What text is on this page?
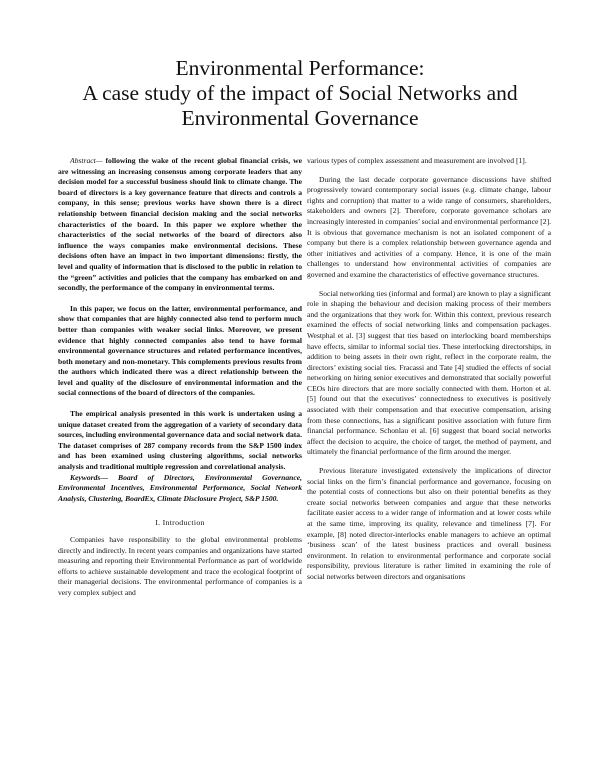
Environmental Performance:
A case study of the impact of Social Networks and
Environmental Governance

Abstract— following the wake of the recent global financial crisis, we are witnessing an increasing consensus among corporate leaders that any decision model for a successful business should link to climate change. The board of directors is a key governance feature that directs and controls a company, in this sense; previous works have shown there is a direct relationship between financial decision making and the social networks characteristics of the board. In this paper we explore whether the characteristics of the social networks of the board of directors also influence the ways companies make environmental decisions. These decisions often have an impact in two important dimensions: firstly, the level and quality of information that is disclosed to the public in relation to the “green” activities and policies that the company has embarked on and secondly, the performance of the company in environmental terms.

In this paper, we focus on the latter, environmental performance, and show that companies that are highly connected also tend to perform much better than companies with weaker social links. Moreover, we present evidence that highly connected companies also tend to have formal environmental governance structures and related performance incentives, both monetary and non-monetary. This complements previous results from the authors which indicated there was a direct relationship between the level and quality of the disclosure of environmental information and the social connections of the board of directors of the companies.

The empirical analysis presented in this work is undertaken using a unique dataset created from the aggregation of a variety of secondary data sources, including environmental governance data and social network data. The dataset comprises of 287 company records from the S&P 1500 index and has been examined using clustering algorithms, social networks analysis and traditional multiple regression and correlational analysis.

Keywords— Board of Directors, Environmental Governance, Environmental Incentives, Environmental Performance, Social Network Analysis, Clustering, BoardEx, Climate Disclosure Project, S&P 1500.

I. Introduction

Companies have responsibility to the global environmental problems directly and indirectly. In recent years companies and organizations have started measuring and reporting their Environmental Performance as part of worldwide efforts to achieve sustainable development and trace the ecological footprint of their managerial decisions. The environmental performance of companies is a very complex subject and

various types of complex assessment and measurement are involved [1].

During the last decade corporate governance discussions have shifted progressively toward contemporary social issues (e.g. climate change, labour rights and corruption) that matter to a wide range of consumers, shareholders, stakeholders and owners [2]. Therefore, corporate governance scholars are increasingly interested in companies’ social and environmental performance [2]. It is obvious that governance mechanism is not an isolated component of a company but there is a complex relationship between governance agenda and other initiatives and activities of a company. Hence, it is one of the main challenges to understand how environmental activities of companies are governed and examine the characteristics of effective governance structures.

Social networking ties (informal and formal) are known to play a significant role in shaping the behaviour and decision making process of their members and the organizations that they work for. Within this context, previous research examined the effects of social networking links and compensation packages. Westphal et al. [3] suggest that ties based on interlocking board memberships have effects, similar to informal social ties. These interlocking directorships, in addition to being assets in their own right, reflect in the corporate realm, the directors’ existing social ties. Fracassi and Tate [4] studied the effects of social networking on hiring senior executives and demonstrated that socially powerful CEOs hire directors that are more socially connected with them. Horton et al. [5] found out that the executives’ connectedness to executives is positively associated with their compensation and that executive compensation, arising from these connections, has a significant positive association with future firm financial performance. Schonlau et al. [6] suggest that board social networks affect the decision to acquire, the choice of target, the method of payment, and ultimately the financial performance of the firm around the merger.

Previous literature investigated extensively the implications of director social links on the firm’s financial performance and governance, focusing on the potential costs of connections but also on their potential benefits as they create social networks between companies and argue that these networks facilitate easier access to a wider range of information and at lower costs while at the same time, improving its quality, relevance and timeliness [7]. For example, [8] noted director-interlocks enable managers to achieve an optimal ‘business scan’ of the latest business practices and overall business environment. In relation to environmental performance and corporate social responsibility, previous literature is rather limited in examining the role of social networks between directors and organisations
